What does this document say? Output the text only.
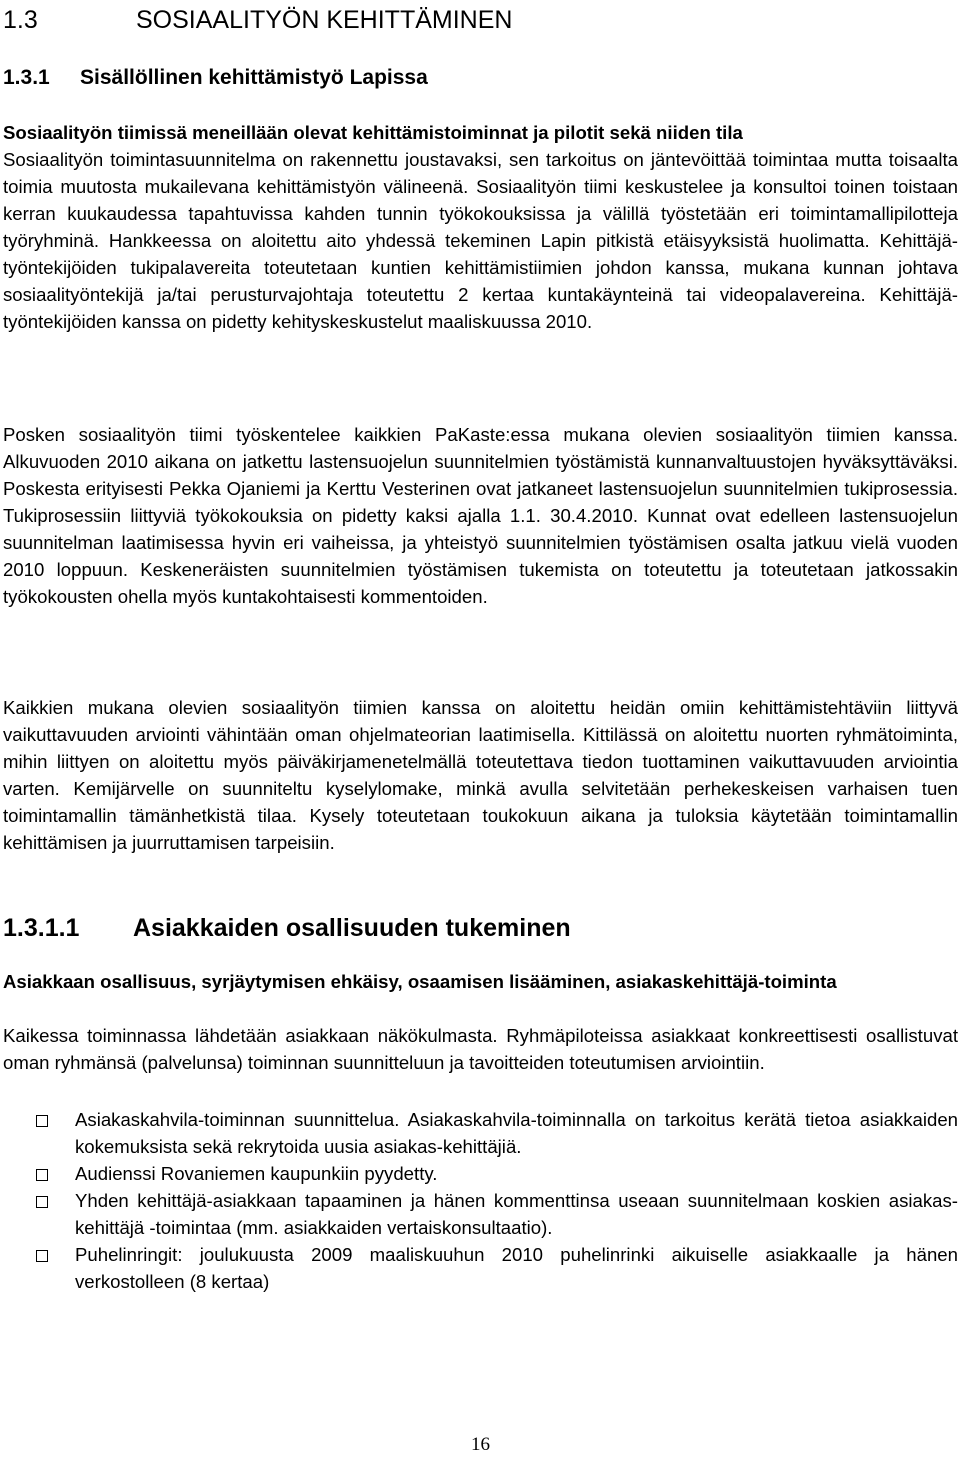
1.3	SOSIAALITYÖN KEHITTÄMINEN
1.3.1 Sisällöllinen kehittämistyö Lapissa

Sosiaalityön tiimissä meneillään olevat kehittämistoiminnat ja pilotit sekä niiden tila
Sosiaalityön toimintasuunnitelma on rakennettu joustavaksi, sen tarkoitus on jäntevöittää toimintaa mutta toisaalta toimia muutosta mukailevana kehittämistyön välineenä. Sosiaalityön tiimi keskustelee ja konsultoi toinen toistaan kerran kuukaudessa tapahtuvissa kahden tunnin työkokouksissa ja välillä työstetään eri toimintamallipilotteja työryhminä. Hankkeessa on aloitettu aito yhdessä tekeminen Lapin pitkistä etäisyyksistä huolimatta. Kehittäjä-työntekijöiden tukipalavereita toteutetaan kuntien kehittämistiimien johdon kanssa, mukana kunnan johtava sosiaalityöntekijä ja/tai perusturvajohtaja toteutettu 2 kertaa kuntakäynteinä tai videopalavereina. Kehittäjä-työntekijöiden kanssa on pidetty kehityskeskustelut maaliskuussa 2010.

Posken sosiaalityön tiimi työskentelee kaikkien PaKaste:essa mukana olevien sosiaalityön tiimien kanssa. Alkuvuoden 2010 aikana on jatkettu lastensuojelun suunnitelmien työstämistä kunnanvaltuustojen hyväksyttäväksi. Poskesta erityisesti Pekka Ojaniemi ja Kerttu Vesterinen ovat jatkaneet lastensuojelun suunnitelmien tukiprosessia. Tukiprosessiin liittyviä työkokouksia on pidetty kaksi ajalla 1.1. 30.4.2010. Kunnat ovat edelleen lastensuojelun suunnitelman laatimisessa hyvin eri vaiheissa, ja yhteistyö suunnitelmien työstämisen osalta jatkuu vielä vuoden 2010 loppuun. Keskeneräisten suunnitelmien työstämisen tukemista on toteutettu ja toteutetaan jatkossakin työkokousten ohella myös kuntakohtaisesti kommentoiden.

Kaikkien mukana olevien sosiaalityön tiimien kanssa on aloitettu heidän omiin kehittämistehtäviin liittyvä vaikuttavuuden arviointi vähintään oman ohjelmateorian laatimisella. Kittilässä on aloitettu nuorten ryhmätoiminta, mihin liittyen on aloitettu myös päiväkirjamenetelmällä toteutettava tiedon tuottaminen vaikuttavuuden arviointia varten. Kemijärvelle on suunniteltu kyselylomake, minkä avulla selvitetään perhekeskeisen varhaisen tuen toimintamallin tämänhetkistä tilaa. Kysely toteutetaan toukokuun aikana ja tuloksia käytetään toimintamallin kehittämisen ja juurruttamisen tarpeisiin.

1.3.1.1 Asiakkaiden osallisuuden tukeminen

Asiakkaan osallisuus, syrjäytymisen ehkäisy, osaamisen lisääminen, asiakaskehittäjä-toiminta

Kaikessa toiminnassa lähdetään asiakkaan näkökulmasta. Ryhmäpiloteissa asiakkaat konkreettisesti osallistuvat oman ryhmänsä (palvelunsa) toiminnan suunnitteluun ja tavoitteiden toteutumisen arviointiin.

Asiakaskahvila-toiminnan suunnittelua. Asiakaskahvila-toiminnalla on tarkoitus kerätä tietoa asiakkaiden kokemuksista sekä rekrytoida uusia asiakas-kehittäjiä.
Audienssi Rovaniemen kaupunkiin pyydetty.
Yhden kehittäjä-asiakkaan tapaaminen ja hänen kommenttinsa useaan suunnitelmaan koskien asiakas-kehittäjä -toimintaa (mm. asiakkaiden vertaiskonsultaatio).
Puhelinringit: joulukuusta 2009 maaliskuuhun 2010 puhelinrinki aikuiselle asiakkaalle ja hänen verkostolleen (8 kertaa)

16
